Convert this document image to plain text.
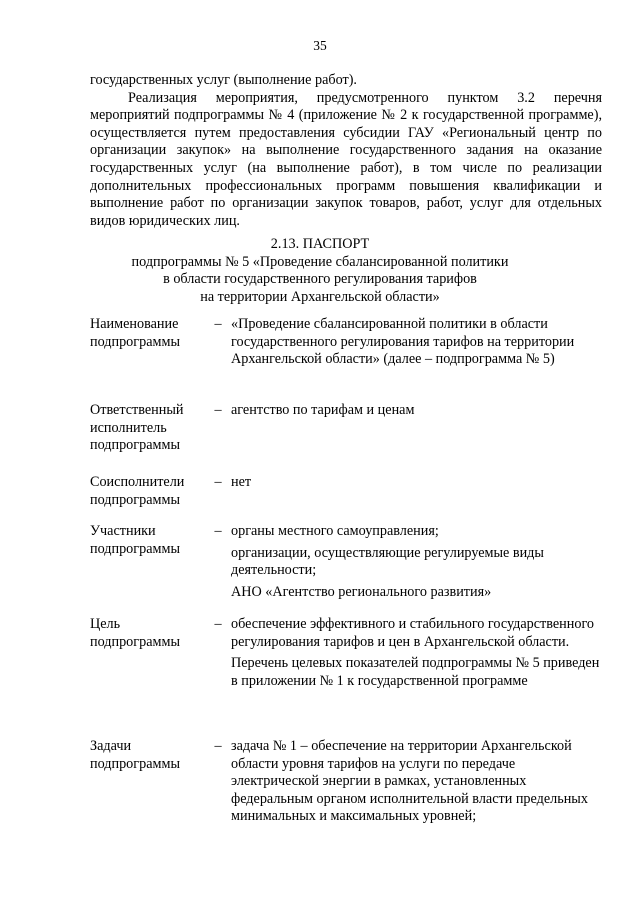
35

государственных услуг (выполнение работ).

Реализация мероприятия, предусмотренного пунктом 3.2 перечня мероприятий подпрограммы № 4 (приложение № 2 к государственной программе), осуществляется путем предоставления субсидии ГАУ «Региональный центр по организации закупок» на выполнение государственного задания на оказание государственных услуг (на выполнение работ), в том числе по реализации дополнительных профессиональных программ повышения квалификации и выполнение работ по организации закупок товаров, работ, услуг для отдельных видов юридических лиц.

2.13. ПАСПОРТ
подпрограммы № 5 «Проведение сбалансированной политики
в области государственного регулирования тарифов
на территории Архангельской области»
Наименование подпрограммы
– «Проведение сбалансированной политики в области государственного регулирования тарифов на территории Архангельской области» (далее – подпрограмма № 5)

Ответственный исполнитель подпрограммы
– агентство по тарифам и ценам

Соисполнители подпрограммы
– нет

Участники подпрограммы
– органы местного самоуправления;

организации, осуществляющие регулируемые виды деятельности;

АНО «Агентство регионального развития»

Цель подпрограммы
– обеспечение эффективного и стабильного государственного регулирования тарифов и цен в Архангельской области.

Перечень целевых показателей подпрограммы № 5 приведен в приложении № 1 к государственной программе

Задачи подпрограммы
– задача № 1 – обеспечение на территории Архангельской области уровня тарифов на услуги по передаче электрической энергии в рамках, установленных федеральным органом исполнительной власти предельных минимальных и максимальных уровней;
